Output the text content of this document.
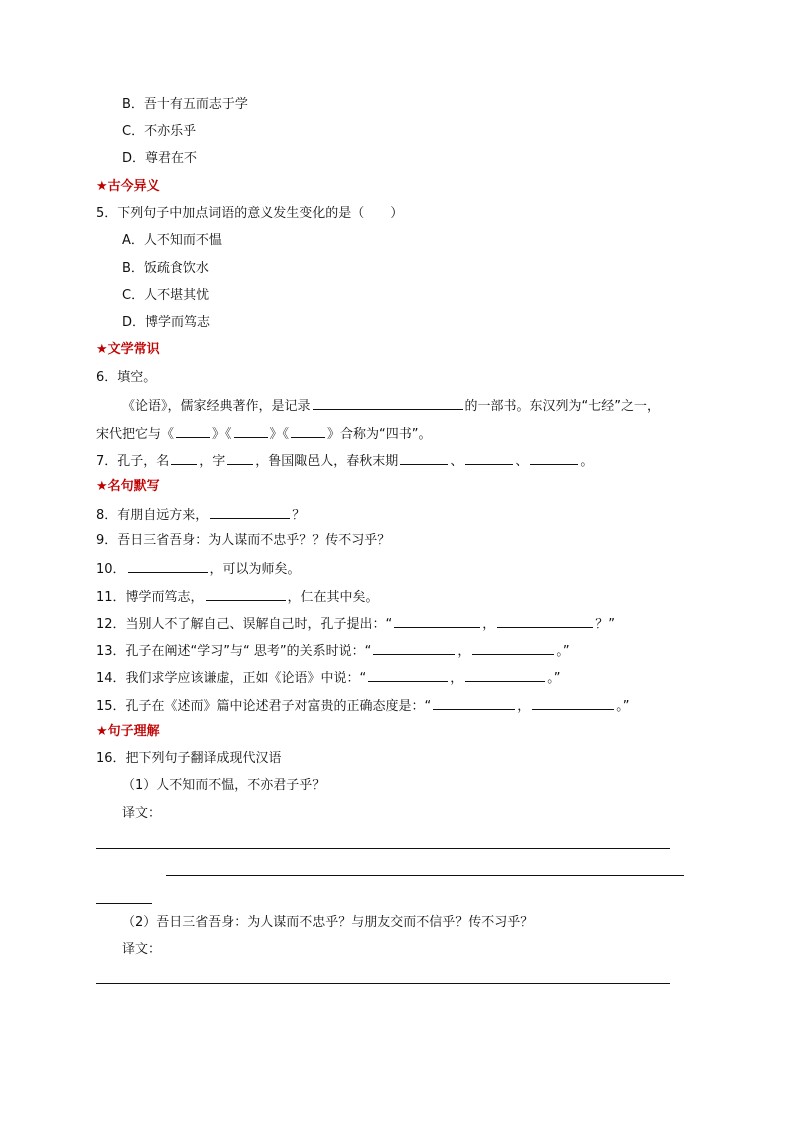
B．吾十有五而志于学
C．不亦乐乎
D．尊君在不
★古今异义
5．下列句子中加点词语的意义发生变化的是（　　）
A．人不知而不愠
B．饭疏食饮水
C．人不堪其忧
D．博学而笃志
★文学常识
6．填空。
《论语》，儒家经典著作，是记录	的一部书。东汉列为“七经”之一，
宋代把它与《	》《	》《	》合称为“四书”。
7．孔子，名 ，字 ，鲁国陬邑人，春秋末期	、	、	。
★名句默写
8．有朋自远方来，	？
9．吾日三省吾身：为人谋而不忠乎？？传不习乎？
10．	，可以为师矣。
11．博学而笃志，	，仁在其中矣。
12．当别人不了解自己、误解自己时，孔子提出：“	，	？”
13．孔子在阐述“学习”与“ 思考”的关系时说：“	，	。”
14．我们求学应该谦虚，正如《论语》中说：“	，	。”
15．孔子在《述而》篇中论述君子对富贵的正确态度是：“	，	。”
★句子理解
16．把下列句子翻译成现代汉语
（1）人不知而不愠，不亦君子乎？
译文：
（2）吾日三省吾身：为人谋而不忠乎？与朋友交而不信乎？传不习乎？
译文：
